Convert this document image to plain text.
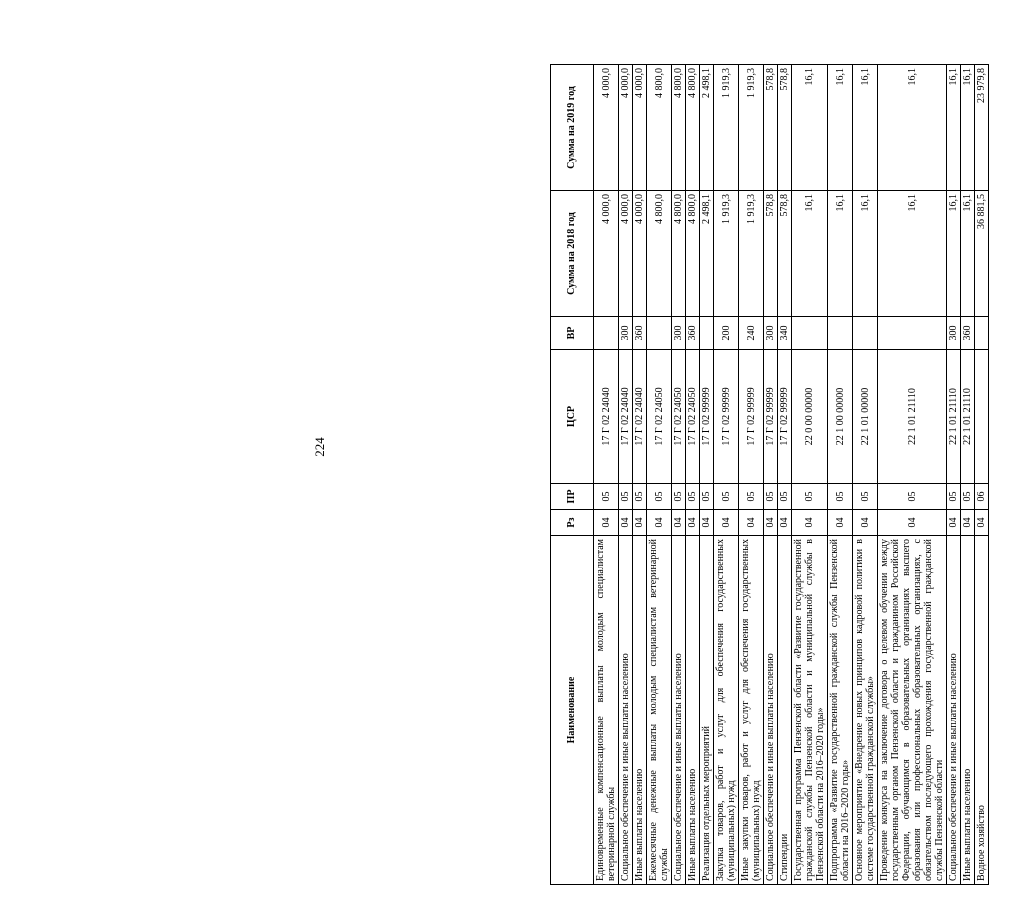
224
Наименование	Рз	ПР	ЦСР	ВР	Сумма на 2018 год	Сумма на 2019 год
Единовременные компенсационные выплаты молодым специалистам ветеринарной службы	04	05	17 Г 02 24040		4 000,0	4 000,0
Социальное обеспечение и иные выплаты населению	04	05	17 Г 02 24040	300	4 000,0	4 000,0
Иные выплаты населению	04	05	17 Г 02 24040	360	4 000,0	4 000,0
Ежемесячные денежные выплаты молодым специалистам ветеринарной службы	04	05	17 Г 02 24050		4 800,0	4 800,0
Социальное обеспечение и иные выплаты населению	04	05	17 Г 02 24050	300	4 800,0	4 800,0
Иные выплаты населению	04	05	17 Г 02 24050	360	4 800,0	4 800,0
Реализация отдельных мероприятий	04	05	17 Г 02 99999		2 498,1	2 498,1
Закупка товаров, работ и услуг для обеспечения государственных (муниципальных) нужд	04	05	17 Г 02 99999	200	1 919,3	1 919,3
Иные закупки товаров, работ и услуг для обеспечения государственных (муниципальных) нужд	04	05	17 Г 02 99999	240	1 919,3	1 919,3
Социальное обеспечение и иные выплаты населению	04	05	17 Г 02 99999	300	578,8	578,8
Стипендии	04	05	17 Г 02 99999	340	578,8	578,8
Государственная программа Пензенской области «Развитие государственной гражданской службы Пензенской области и муниципальной службы в Пензенской области на 2016–2020 годы»	04	05	22 0 00 00000		16,1	16,1
Подпрограмма «Развитие государственной гражданской службы Пензенской области на 2016–2020 годы»	04	05	22 1 00 00000		16,1	16,1
Основное мероприятие «Внедрение новых принципов кадровой политики в системе государственной гражданской службы»	04	05	22 1 01 00000		16,1	16,1
Проведение конкурса на заключение договора о целевом обучении между государственным органом Пензенской области и гражданином Российской Федерации, обучающимся в образовательных организациях высшего образования или профессиональных образовательных организациях, с обязательством последующего прохождения государственной гражданской службы Пензенской области	04	05	22 1 01 21110		16,1	16,1
Социальное обеспечение и иные выплаты населению	04	05	22 1 01 21110	300	16,1	16,1
Иные выплаты населению	04	05	22 1 01 21110	360	16,1	16,1
Водное хозяйство	04	06			36 881,5	23 979,8
